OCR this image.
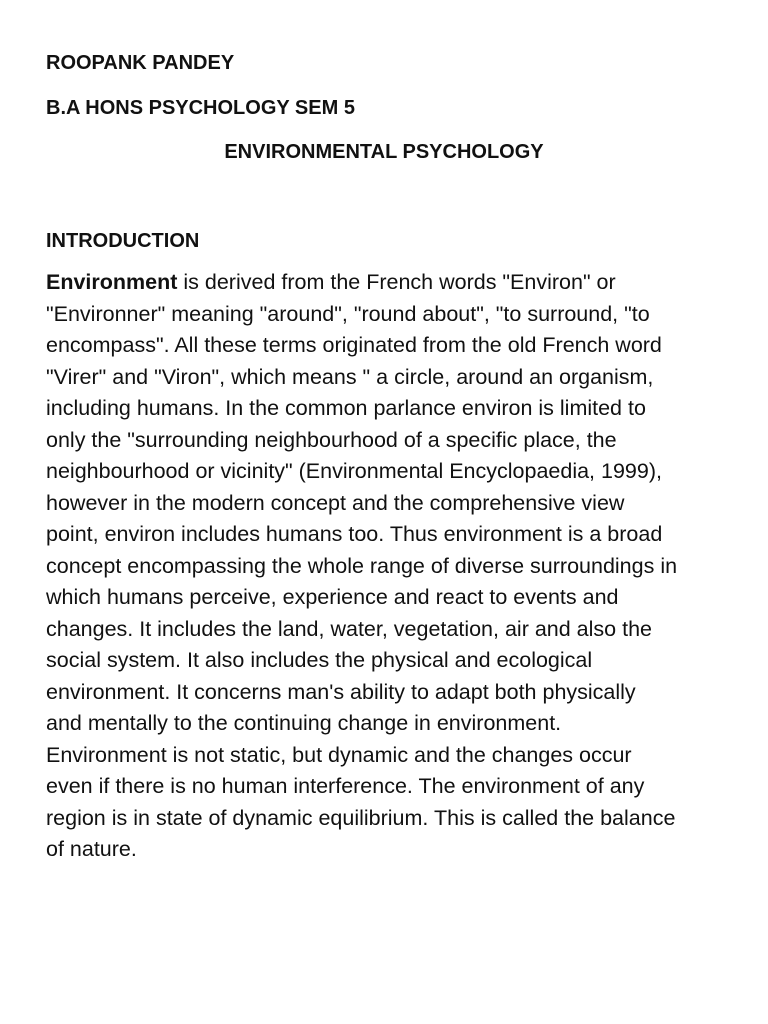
ROOPANK PANDEY
B.A HONS PSYCHOLOGY SEM 5
ENVIRONMENTAL PSYCHOLOGY
INTRODUCTION
Environment is derived from the French words "Environ" or
"Environner" meaning "around", "round about", "to surround, "to
encompass". All these terms originated from the old French word
"Virer" and "Viron", which means " a circle, around an organism,
including humans. In the common parlance environ is limited to
only the "surrounding neighbourhood of a specific place, the
neighbourhood or vicinity" (Environmental Encyclopaedia, 1999),
however in the modern concept and the comprehensive view
point, environ includes humans too. Thus environment is a broad
concept encompassing the whole range of diverse surroundings in
which humans perceive, experience and react to events and
changes. It includes the land, water, vegetation, air and also the
social system. It also includes the physical and ecological
environment. It concerns man's ability to adapt both physically
and mentally to the continuing change in environment.
Environment is not static, but dynamic and the changes occur
even if there is no human interference. The environment of any
region is in state of dynamic equilibrium. This is called the balance
of nature.
